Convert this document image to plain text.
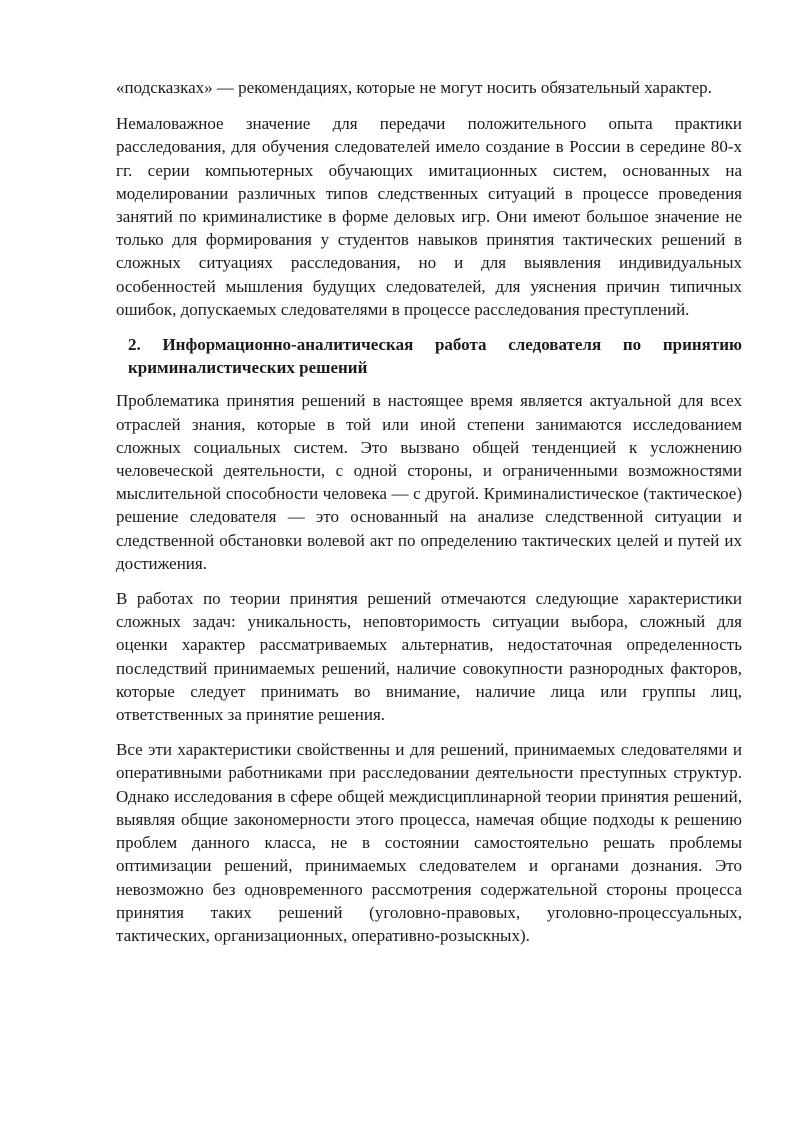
«подсказках» — рекомендациях, которые не могут носить обязательный характер.

Немаловажное значение для передачи положительного опыта практики расследования, для обучения следователей имело создание в России в середине 80-х гг. серии компьютерных обучающих имитационных систем, основанных на моделировании различных типов следственных ситуаций в процессе проведения занятий по криминалистике в форме деловых игр. Они имеют большое значение не только для формирования у студентов навыков принятия тактических решений в сложных ситуациях расследования, но и для выявления индивидуальных особенностей мышления будущих следователей, для уяснения причин типичных ошибок, допускаемых следователями в процессе расследования преступлений.

2. Информационно-аналитическая работа следователя по принятию криминалистических решений

Проблематика принятия решений в настоящее время является актуальной для всех отраслей знания, которые в той или иной степени занимаются исследованием сложных социальных систем. Это вызвано общей тенденцией к усложнению человеческой деятельности, с одной стороны, и ограниченными возможностями мыслительной способности человека — с другой. Криминалистическое (тактическое) решение следователя — это основанный на анализе следственной ситуации и следственной обстановки волевой акт по определению тактических целей и путей их достижения.

В работах по теории принятия решений отмечаются следующие характеристики сложных задач: уникальность, неповторимость ситуации выбора, сложный для оценки характер рассматриваемых альтернатив, недостаточная определенность последствий принимаемых решений, наличие совокупности разнородных факторов, которые следует принимать во внимание, наличие лица или группы лиц, ответственных за принятие решения.

Все эти характеристики свойственны и для решений, принимаемых следователями и оперативными работниками при расследовании деятельности преступных структур. Однако исследования в сфере общей междисциплинарной теории принятия решений, выявляя общие закономерности этого процесса, намечая общие подходы к решению проблем данного класса, не в состоянии самостоятельно решать проблемы оптимизации решений, принимаемых следователем и органами дознания. Это невозможно без одновременного рассмотрения содержательной стороны процесса принятия таких решений (уголовно-правовых, уголовно-процессуальных, тактических, организационных, оперативно-розыскных).
